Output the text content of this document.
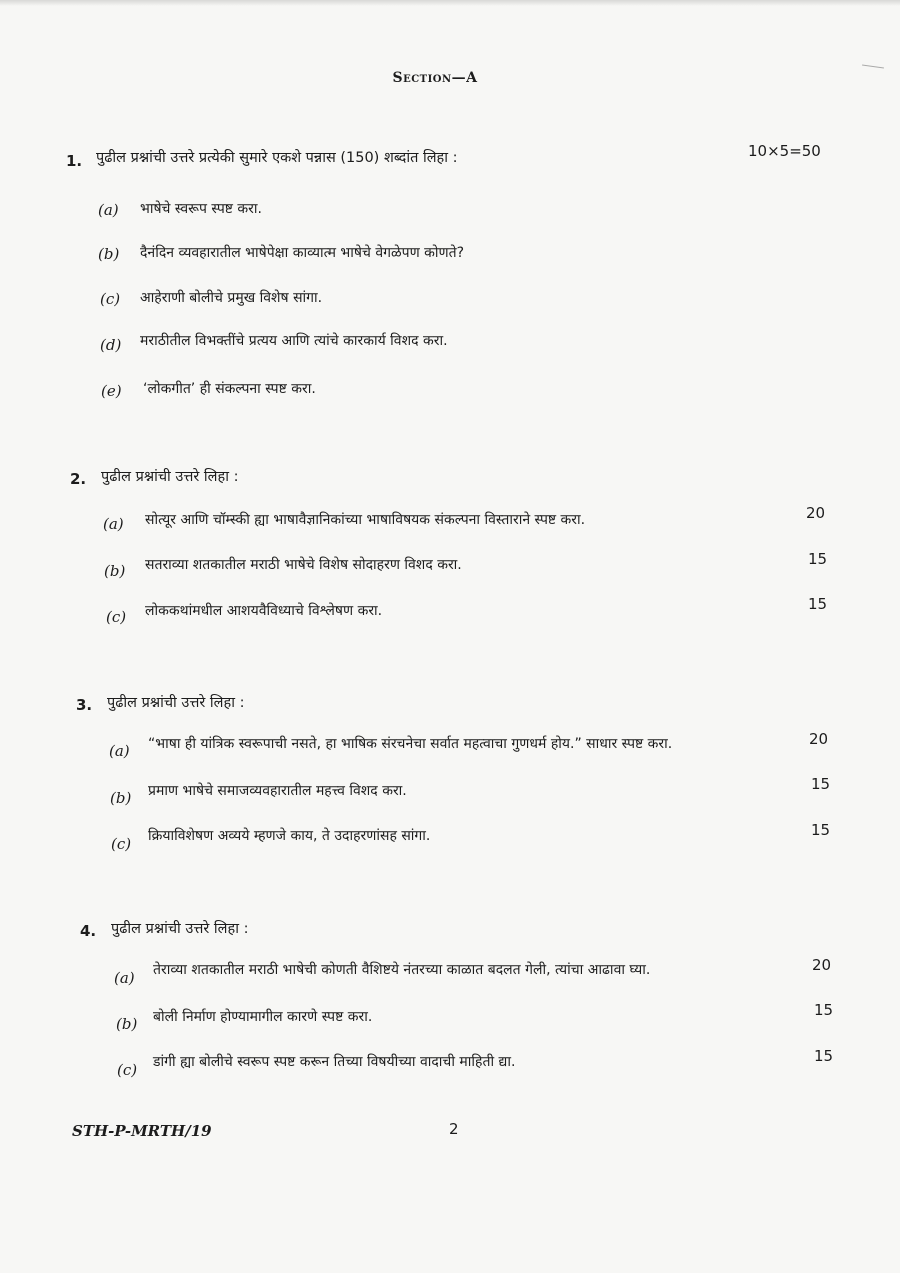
Section—A
10×5=50
1. पुढील प्रश्नांची उत्तरे प्रत्येकी सुमारे एकशे पन्नास (150) शब्दांत लिहा :
(a) भाषेचे स्वरूप स्पष्ट करा.
(b) दैनंदिन व्यवहारातील भाषेपेक्षा काव्यात्म भाषेचे वेगळेपण कोणते?
(c) आहेराणी बोलीचे प्रमुख विशेष सांगा.
(d) मराठीतील विभक्तींचे प्रत्यय आणि त्यांचे कारकार्य विशद करा.
(e) ‘लोकगीत’ ही संकल्पना स्पष्ट करा.
2. पुढील प्रश्नांची उत्तरे लिहा :
(a) सोत्यूर आणि चॉम्स्की ह्या भाषावैज्ञानिकांच्या भाषाविषयक संकल्पना विस्ताराने स्पष्ट करा.	20
(b) सतराव्या शतकातील मराठी भाषेचे विशेष सोदाहरण विशद करा.	15
(c) लोककथांमधील आशयवैविध्याचे विश्लेषण करा.	15
3. पुढील प्रश्नांची उत्तरे लिहा :
(a) “भाषा ही यांत्रिक स्वरूपाची नसते, हा भाषिक संरचनेचा सर्वात महत्वाचा गुणधर्म होय.” साधार स्पष्ट करा.	20
(b) प्रमाण भाषेचे समाजव्यवहारातील महत्त्व विशद करा.	15
(c) क्रियाविशेषण अव्यये म्हणजे काय, ते उदाहरणांसह सांगा.	15
4. पुढील प्रश्नांची उत्तरे लिहा :
(a) तेराव्या शतकातील मराठी भाषेची कोणती वैशिष्टये नंतरच्या काळात बदलत गेली, त्यांचा आढावा घ्या.	20
(b) बोली निर्माण होण्यामागील कारणे स्पष्ट करा.	15
(c) डांगी ह्या बोलीचे स्वरूप स्पष्ट करून तिच्या विषयीच्या वादाची माहिती द्या.	15
STH-P-MRTH/19	2
